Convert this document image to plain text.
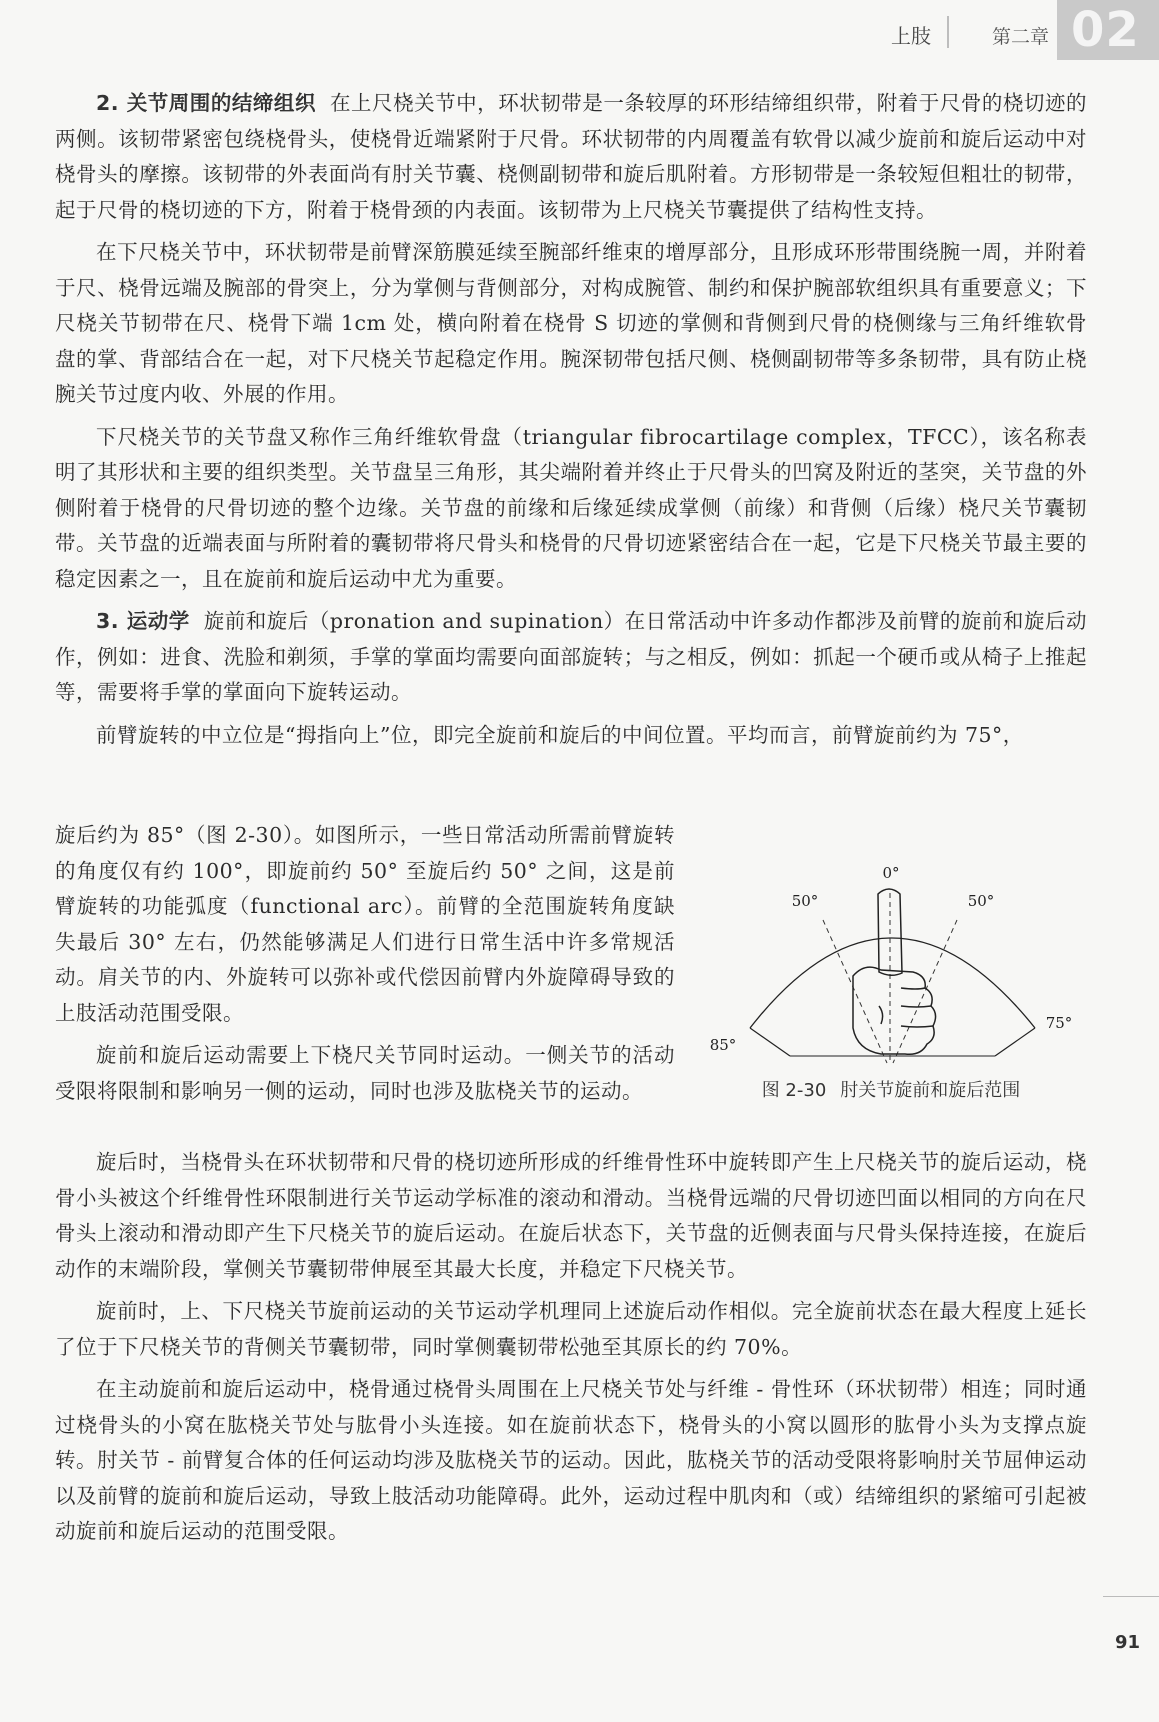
上肢	第二章 02

2. 关节周围的结缔组织 在上尺桡关节中，环状韧带是一条较厚的环形结缔组织带，附着于尺骨的桡切迹的两侧。该韧带紧密包绕桡骨头，使桡骨近端紧附于尺骨。环状韧带的内周覆盖有软骨以减少旋前和旋后运动中对桡骨头的摩擦。该韧带的外表面尚有肘关节囊、桡侧副韧带和旋后肌附着。方形韧带是一条较短但粗壮的韧带，起于尺骨的桡切迹的下方，附着于桡骨颈的内表面。该韧带为上尺桡关节囊提供了结构性支持。

在下尺桡关节中，环状韧带是前臂深筋膜延续至腕部纤维束的增厚部分，且形成环形带围绕腕一周，并附着于尺、桡骨远端及腕部的骨突上，分为掌侧与背侧部分，对构成腕管、制约和保护腕部软组织具有重要意义；下尺桡关节韧带在尺、桡骨下端 1cm 处，横向附着在桡骨 S 切迹的掌侧和背侧到尺骨的桡侧缘与三角纤维软骨盘的掌、背部结合在一起，对下尺桡关节起稳定作用。腕深韧带包括尺侧、桡侧副韧带等多条韧带，具有防止桡腕关节过度内收、外展的作用。

下尺桡关节的关节盘又称作三角纤维软骨盘（triangular fibrocartilage complex，TFCC），该名称表明了其形状和主要的组织类型。关节盘呈三角形，其尖端附着并终止于尺骨头的凹窝及附近的茎突，关节盘的外侧附着于桡骨的尺骨切迹的整个边缘。关节盘的前缘和后缘延续成掌侧（前缘）和背侧（后缘）桡尺关节囊韧带。关节盘的近端表面与所附着的囊韧带将尺骨头和桡骨的尺骨切迹紧密结合在一起，它是下尺桡关节最主要的稳定因素之一，且在旋前和旋后运动中尤为重要。

3. 运动学 旋前和旋后（pronation and supination）在日常活动中许多动作都涉及前臂的旋前和旋后动作，例如：进食、洗脸和剃须，手掌的掌面均需要向面部旋转；与之相反，例如：抓起一个硬币或从椅子上推起等，需要将手掌的掌面向下旋转运动。

前臂旋转的中立位是“拇指向上”位，即完全旋前和旋后的中间位置。平均而言，前臂旋前约为 75°，

旋后约为 85°（图 2-30）。如图所示，一些日常活动所需前臂旋转的角度仅有约 100°，即旋前约 50° 至旋后约 50° 之间，这是前臂旋转的功能弧度（functional arc）。前臂的全范围旋转角度缺失最后 30° 左右，仍然能够满足人们进行日常生活中许多常规活动。肩关节的内、外旋转可以弥补或代偿因前臂内外旋障碍导致的上肢活动范围受限。

旋前和旋后运动需要上下桡尺关节同时运动。一侧关节的活动受限将限制和影响另一侧的运动，同时也涉及肱桡关节的运动。

0°
50°	50°
85°
75°
图 2-30 肘关节旋前和旋后范围

旋后时，当桡骨头在环状韧带和尺骨的桡切迹所形成的纤维骨性环中旋转即产生上尺桡关节的旋后运动，桡骨小头被这个纤维骨性环限制进行关节运动学标准的滚动和滑动。当桡骨远端的尺骨切迹凹面以相同的方向在尺骨头上滚动和滑动即产生下尺桡关节的旋后运动。在旋后状态下，关节盘的近侧表面与尺骨头保持连接，在旋后动作的末端阶段，掌侧关节囊韧带伸展至其最大长度，并稳定下尺桡关节。

旋前时，上、下尺桡关节旋前运动的关节运动学机理同上述旋后动作相似。完全旋前状态在最大程度上延长了位于下尺桡关节的背侧关节囊韧带，同时掌侧囊韧带松弛至其原长的约 70%。

在主动旋前和旋后运动中，桡骨通过桡骨头周围在上尺桡关节处与纤维 - 骨性环（环状韧带）相连；同时通过桡骨头的小窝在肱桡关节处与肱骨小头连接。如在旋前状态下，桡骨头的小窝以圆形的肱骨小头为支撑点旋转。肘关节 - 前臂复合体的任何运动均涉及肱桡关节的运动。因此，肱桡关节的活动受限将影响肘关节屈伸运动以及前臂的旋前和旋后运动，导致上肢活动功能障碍。此外，运动过程中肌肉和（或）结缔组织的紧缩可引起被动旋前和旋后运动的范围受限。

91
